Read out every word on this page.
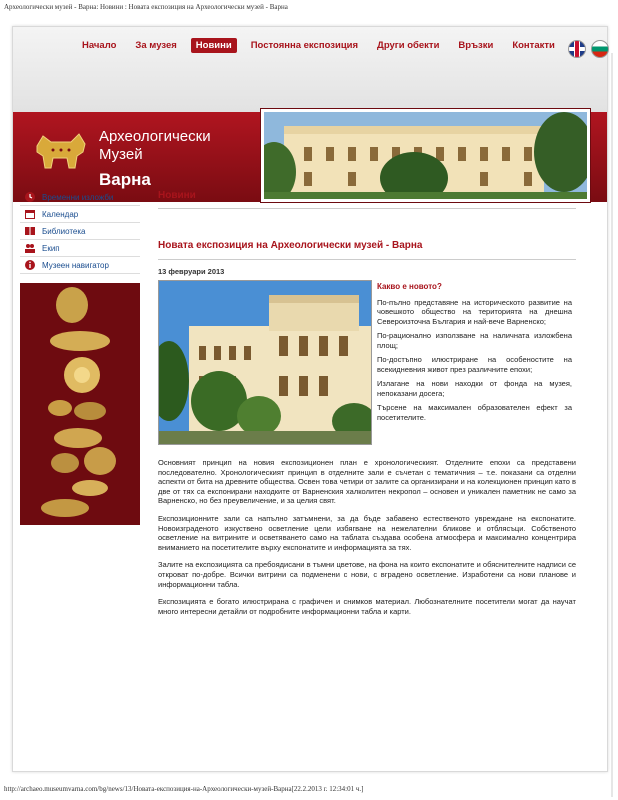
Археологически музей - Варна: Новини : Новата експозиция на Археологически музей - Варна
Начало	За музея	Новини	Постоянна експозиция	Други обекти	Връзки	Контакти
Археологически
Музей
Варна
Временни изложби
Календар
Библиотека
Екип
Музеен навигатор
Новини
Новата експозиция на Археологически музей - Варна
13 февруари 2013
Какво е новото?

По-пълно представяне на историческото развитие на човешкото общество на територията на днешна Североизточна България и най-вече Варненско;

По-рационално използване на наличната изложбена площ;

По-достъпно илюстриране на особеностите на всекидневния живот през различните епохи;

Излагане на нови находки от фонда на музея, непоказани досега;

Търсене на максимален образователен ефект за посетителите.

Основният принцип на новия експозиционен план е хронологическият. Отделните епохи са представени последователно. Хронологическият принцип в отделните зали е съчетан с тематичния – т.е. показани са отделни аспекти от бита на древните общества. Освен това четири от залите са организирани и на колекционен принцип като в две от тях са експонирани находките от Варненския халколитен некропол – основен и уникален паметник не само за Варненско, но без преувеличение, и за целия свят.

Експозиционните зали са напълно затъмнени, за да бъде забавено естественото увреждане на експонатите. Новоизграденото изкуствено осветление цели избягване на нежелателни бликове и отблясъци. Собственото осветление на витрините и осветяването само на таблата създава особена атмосфера и максимално концентрира вниманието на посетителите върху експонатите и информацията за тях.

Залите на експозицията са пребоядисани в тъмни цветове, на фона на които експонатите и обяснителните надписи се откроват по-добре. Всички витрини са подменени с нови, с вградено осветление. Изработени са нови планове и информационни табла.

Експозицията е богато илюстрирана с графичен и снимков материал. Любознателните посетители могат да научат много интересни детайли от подробните информационни табла и карти.

http://archaeo.museumvarna.com/bg/news/13/Новата-експозиция-на-Археологически-музей-Варна[22.2.2013 г. 12:34:01 ч.]
